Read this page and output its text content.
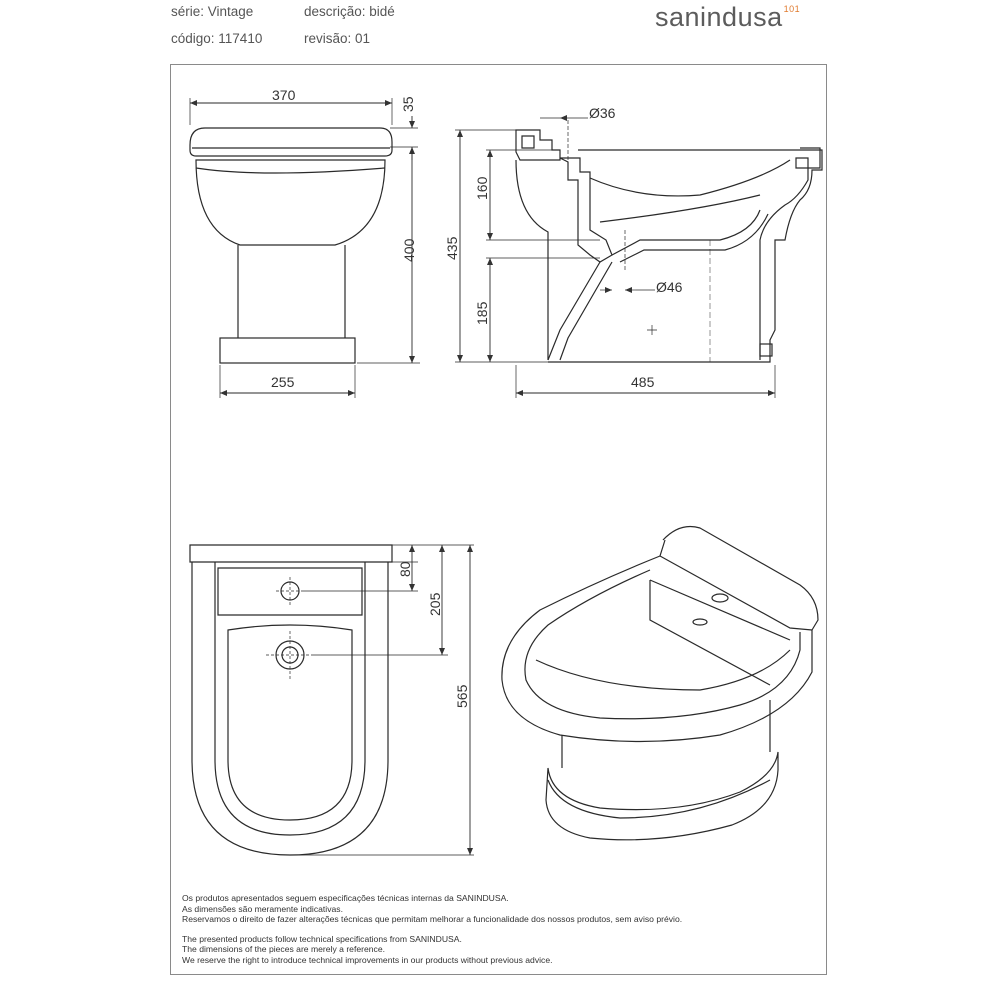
série: Vintage	descrição: bidé
código: 117410	revisão: 01
sanindusa$^{101}$
370
35
400
255
Ø36
160
435
185
Ø46
485
80
205
565
Os produtos apresentados seguem especificações técnicas internas da SANINDUSA.
As dimensões são meramente indicativas.
Reservamos o direito de fazer alterações técnicas que permitam melhorar a funcionalidade dos nossos produtos, sem aviso prévio.
The presented products follow technical specifications from SANINDUSA.
The dimensions of the pieces are merely a reference.
We reserve the right to introduce technical improvements in our products without previous advice.
